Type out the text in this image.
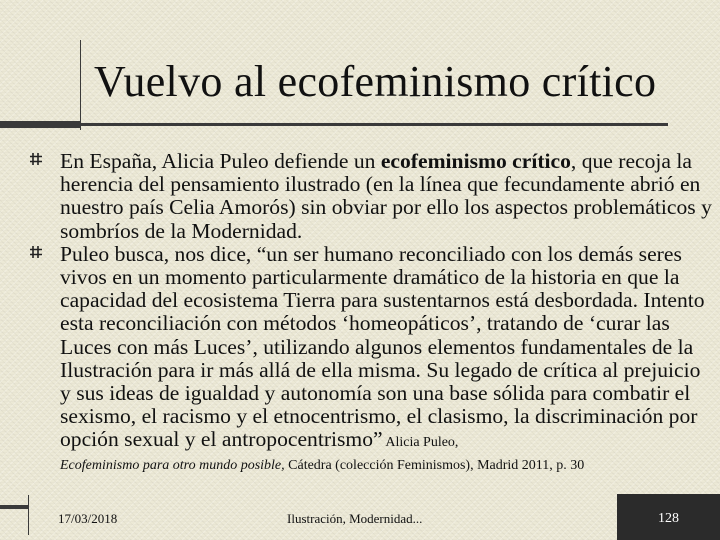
Vuelvo al ecofeminismo crítico
En España, Alicia Puleo defiende un ecofeminismo crítico, que recoja la herencia del pensamiento ilustrado (en la línea que fecundamente abrió en nuestro país Celia Amorós) sin obviar por ello los aspectos problemáticos y sombríos de la Modernidad.
Puleo busca, nos dice, “un ser humano reconciliado con los demás seres vivos en un momento particularmente dramático de la historia en que la capacidad del ecosistema Tierra para sustentarnos está desbordada. Intento esta reconciliación con métodos ‘homeopáticos’, tratando de ‘curar las Luces con más Luces’, utilizando algunos elementos fundamentales de la Ilustración para ir más allá de ella misma. Su legado de crítica al prejuicio y sus ideas de igualdad y autonomía son una base sólida para combatir el sexismo, el racismo y el etnocentrismo, el clasismo, la discriminación por opción sexual y el antropocentrismo” Alicia Puleo,
Ecofeminismo para otro mundo posible, Cátedra (colección Feminismos), Madrid 2011, p. 30
17/03/2018	Ilustración, Modernidad...	128
